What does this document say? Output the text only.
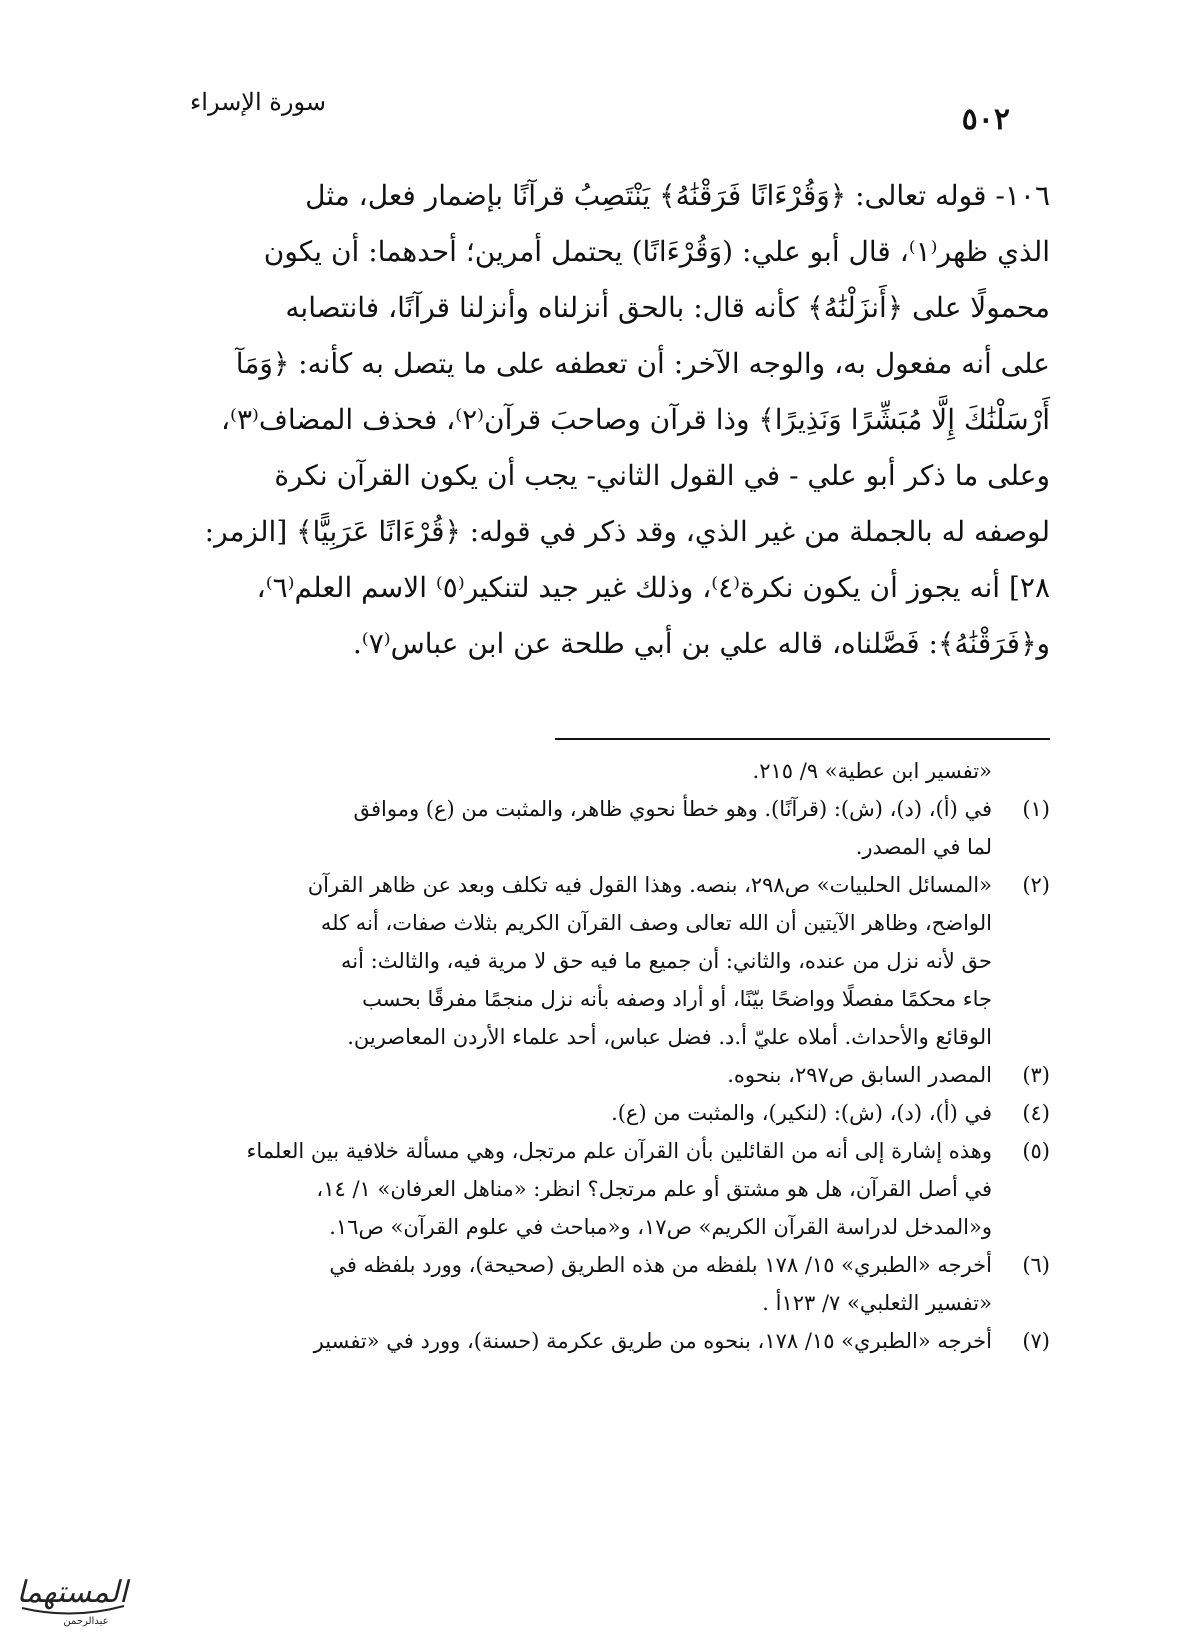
٥٠٢
سورة الإسراء
١٠٦- قوله تعالى: ﴿وَقُرْءَانًا فَرَقْنَٰهُ﴾ يَنْتَصِبُ قرآنًا بإضمار فعل، مثل
الذي ظهر⁽١⁾، قال أبو علي: (وَقُرْءَانًا) يحتمل أمرين؛ أحدهما: أن يكون
محمولًا على ﴿أَنزَلْنَٰهُ﴾ كأنه قال: بالحق أنزلناه وأنزلنا قرآنًا، فانتصابه
على أنه مفعول به، والوجه الآخر: أن تعطفه على ما يتصل به كأنه: ﴿وَمَآ
أَرْسَلْنَٰكَ إِلَّا مُبَشِّرًا وَنَذِيرًا﴾ وذا قرآن وصاحبَ قرآن⁽٢⁾، فحذف المضاف⁽٣⁾،
وعلى ما ذكر أبو علي - في القول الثاني- يجب أن يكون القرآن نكرة
لوصفه له بالجملة من غير الذي، وقد ذكر في قوله: ﴿قُرْءَانًا عَرَبِيًّا﴾ [الزمر:
٢٨] أنه يجوز أن يكون نكرة⁽٤⁾، وذلك غير جيد لتنكير⁽٥⁾ الاسم العلم⁽٦⁾،
و﴿فَرَقْنَٰهُ﴾: فَصَّلناه، قاله علي بن أبي طلحة عن ابن عباس⁽٧⁾.
«تفسير ابن عطية» ٩/ ٢١٥.
(١)
في (أ)، (د)، (ش): (قرآنًا). وهو خطأ نحوي ظاهر، والمثبت من (ع) وموافق
لما في المصدر.
(٢)
«المسائل الحلبيات» ص٢٩٨، بنصه. وهذا القول فيه تكلف وبعد عن ظاهر القرآن
الواضح، وظاهر الآيتين أن الله تعالى وصف القرآن الكريم بثلاث صفات، أنه كله
حق لأنه نزل من عنده، والثاني: أن جميع ما فيه حق لا مرية فيه، والثالث: أنه
جاء محكمًا مفصلًا وواضحًا بيّنًا، أو أراد وصفه بأنه نزل منجمًا مفرقًا بحسب
الوقائع والأحداث. أملاه عليّ أ.د. فضل عباس، أحد علماء الأردن المعاصرين.
(٣)
المصدر السابق ص٢٩٧، بنحوه.
(٤)
في (أ)، (د)، (ش): (لنكير)، والمثبت من (ع).
(٥)
وهذه إشارة إلى أنه من القائلين بأن القرآن علم مرتجل، وهي مسألة خلافية بين العلماء
في أصل القرآن، هل هو مشتق أو علم مرتجل؟ انظر: «مناهل العرفان» ١/ ١٤،
و«المدخل لدراسة القرآن الكريم» ص١٧، و«مباحث في علوم القرآن» ص١٦.
(٦)
أخرجه «الطبري» ١٥/ ١٧٨ بلفظه من هذه الطريق (صحيحة)، وورد بلفظه في
«تفسير الثعلبي» ٧/ ١٢٣أ .
(٧)
أخرجه «الطبري» ١٥/ ١٧٨، بنحوه من طريق عكرمة (حسنة)، وورد في «تفسير
المستهما
عبدالرحمن
